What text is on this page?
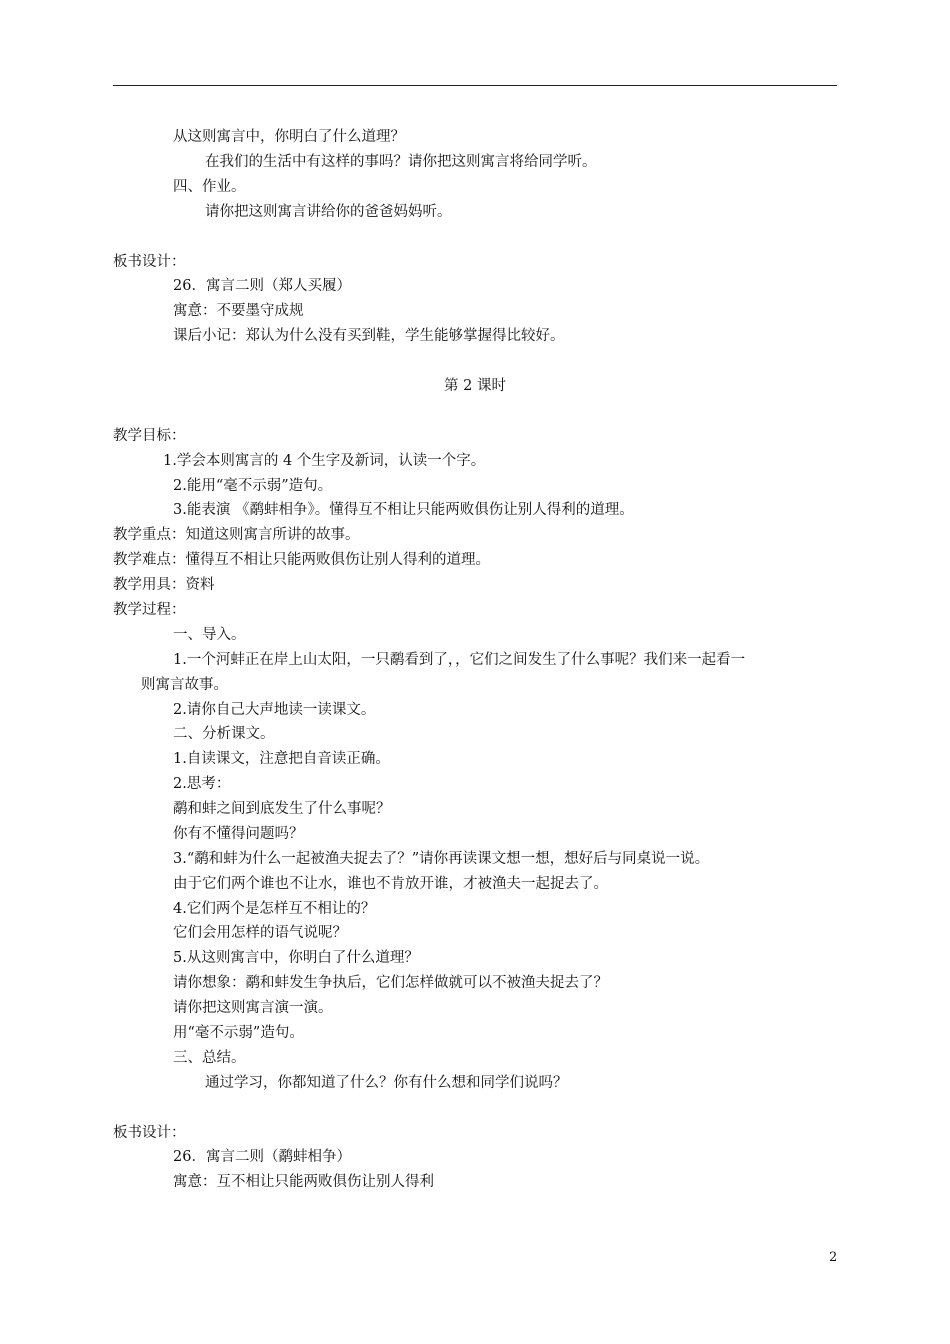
从这则寓言中，你明白了什么道理？
在我们的生活中有这样的事吗？请你把这则寓言将给同学听。
四、作业。
请你把这则寓言讲给你的爸爸妈妈听。
板书设计：
26．寓言二则（郑人买履）
寓意：不要墨守成规
课后小记：郑认为什么没有买到鞋，学生能够掌握得比较好。
第 2 课时
教学目标：
1.学会本则寓言的 4 个生字及新词，认读一个字。
2.能用“毫不示弱”造句。
3.能表演 《鹬蚌相争》。懂得互不相让只能两败俱伤让别人得利的道理。
教学重点：知道这则寓言所讲的故事。
教学难点：懂得互不相让只能两败俱伤让别人得利的道理。
教学用具：资料
教学过程：
一、导入。
1.一个河蚌正在岸上山太阳，一只鹬看到了，，它们之间发生了什么事呢？我们来一起看一
则寓言故事。
2.请你自己大声地读一读课文。
二、分析课文。
1.自读课文，注意把自音读正确。
2.思考：
鹬和蚌之间到底发生了什么事呢？
你有不懂得问题吗？
3.“鹬和蚌为什么一起被渔夫捉去了？”请你再读课文想一想，想好后与同桌说一说。
由于它们两个谁也不让水，谁也不肯放开谁，才被渔夫一起捉去了。
4.它们两个是怎样互不相让的？
它们会用怎样的语气说呢？
5.从这则寓言中，你明白了什么道理？
请你想象：鹬和蚌发生争执后，它们怎样做就可以不被渔夫捉去了？
请你把这则寓言演一演。
用“毫不示弱”造句。
三、总结。
通过学习，你都知道了什么？你有什么想和同学们说吗？
板书设计：
26．寓言二则（鹬蚌相争）
寓意：互不相让只能两败俱伤让别人得利
2
